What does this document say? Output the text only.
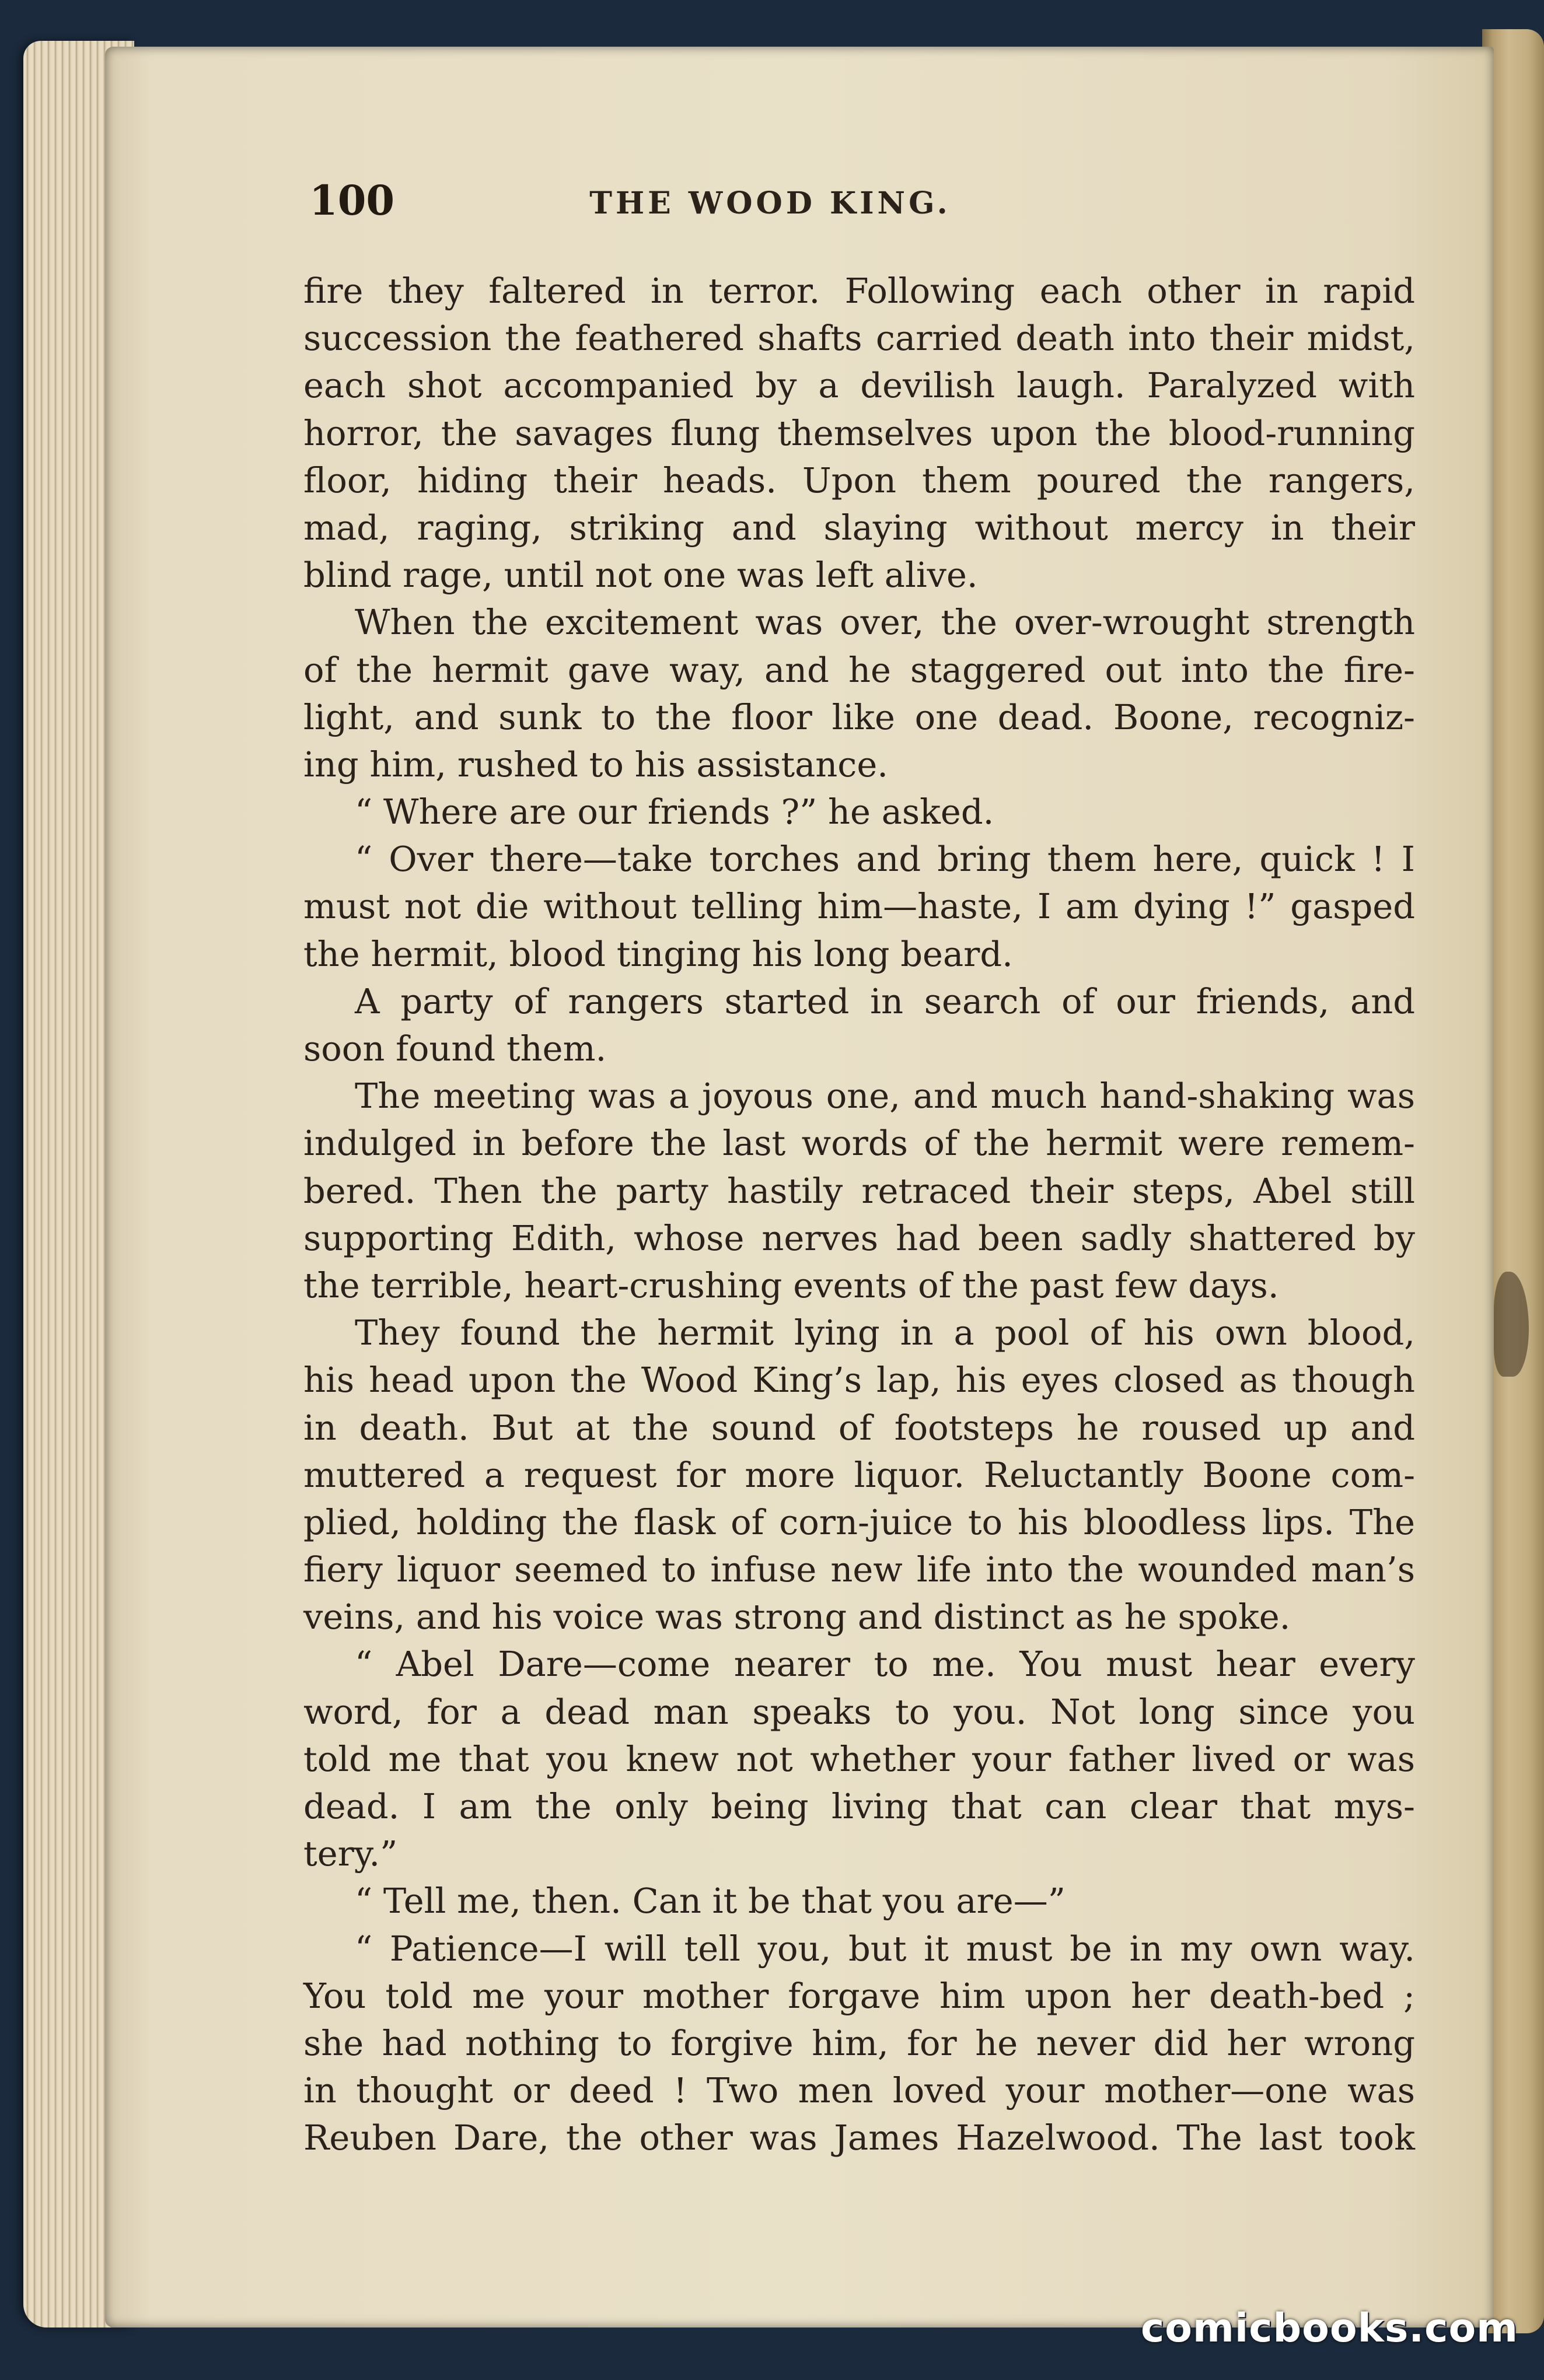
100	THE WOOD KING.
fire they faltered in terror. Following each other in rapid
succession the feathered shafts carried death into their midst,
each shot accompanied by a devilish laugh. Paralyzed with
horror, the savages flung themselves upon the blood-running
floor, hiding their heads. Upon them poured the rangers,
mad, raging, striking and slaying without mercy in their
blind rage, until not one was left alive.
When the excitement was over, the over-wrought strength
of the hermit gave way, and he staggered out into the fire-
light, and sunk to the floor like one dead. Boone, recogniz-
ing him, rushed to his assistance.
“ Where are our friends ?” he asked.
“ Over there—take torches and bring them here, quick ! I
must not die without telling him—haste, I am dying !” gasped
the hermit, blood tinging his long beard.
A party of rangers started in search of our friends, and
soon found them.
The meeting was a joyous one, and much hand-shaking was
indulged in before the last words of the hermit were remem-
bered. Then the party hastily retraced their steps, Abel still
supporting Edith, whose nerves had been sadly shattered by
the terrible, heart-crushing events of the past few days.
They found the hermit lying in a pool of his own blood,
his head upon the Wood King’s lap, his eyes closed as though
in death. But at the sound of footsteps he roused up and
muttered a request for more liquor. Reluctantly Boone com-
plied, holding the flask of corn-juice to his bloodless lips. The
fiery liquor seemed to infuse new life into the wounded man’s
veins, and his voice was strong and distinct as he spoke.
“ Abel Dare—come nearer to me. You must hear every
word, for a dead man speaks to you. Not long since you
told me that you knew not whether your father lived or was
dead. I am the only being living that can clear that mys-
tery.”
“ Tell me, then. Can it be that you are—”
“ Patience—I will tell you, but it must be in my own way.
You told me your mother forgave him upon her death-bed ;
she had nothing to forgive him, for he never did her wrong
in thought or deed ! Two men loved your mother—one was
Reuben Dare, the other was James Hazelwood. The last took
comicbooks.com
